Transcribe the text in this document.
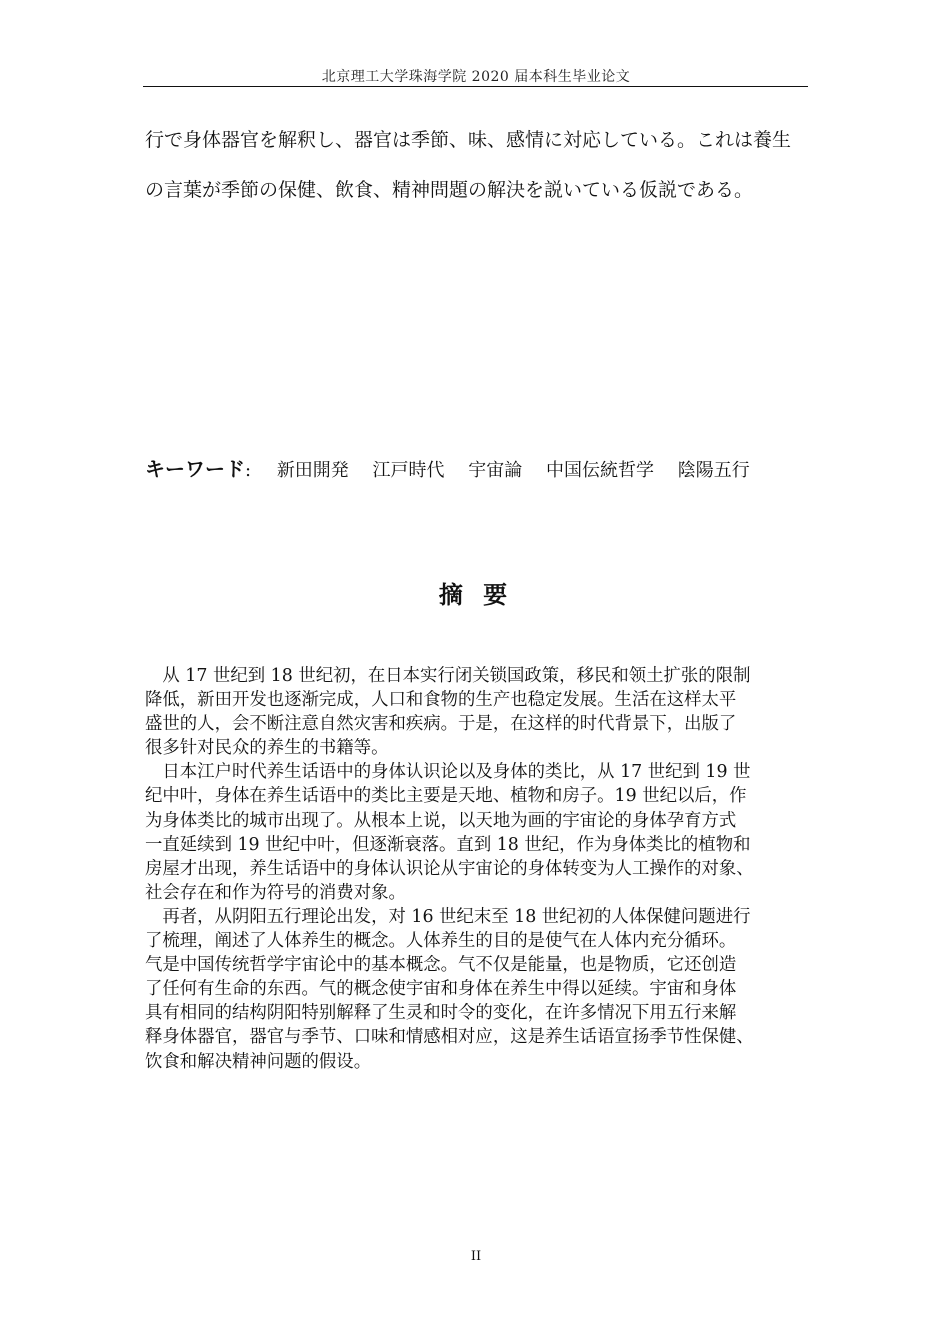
北京理工大学珠海学院 2020 届本科生毕业论文
行で身体器官を解釈し、器官は季節、味、感情に対応している。これは養生
の言葉が季節の保健、飲食、精神問題の解決を説いている仮説である。
キーワード: 新田開発 江戸時代 宇宙論 中国伝統哲学 陰陽五行
摘 要
　从 17 世纪到 18 世纪初，在日本实行闭关锁国政策，移民和领土扩张的限制
降低，新田开发也逐渐完成，人口和食物的生产也稳定发展。生活在这样太平
盛世的人，会不断注意自然灾害和疾病。于是，在这样的时代背景下，出版了
很多针对民众的养生的书籍等。
　日本江户时代养生话语中的身体认识论以及身体的类比，从 17 世纪到 19 世
纪中叶，身体在养生话语中的类比主要是天地、植物和房子。19 世纪以后，作
为身体类比的城市出现了。从根本上说，以天地为画的宇宙论的身体孕育方式
一直延续到 19 世纪中叶，但逐渐衰落。直到 18 世纪，作为身体类比的植物和
房屋才出现，养生话语中的身体认识论从宇宙论的身体转变为人工操作的对象、
社会存在和作为符号的消费对象。
　再者，从阴阳五行理论出发，对 16 世纪末至 18 世纪初的人体保健问题进行
了梳理，阐述了人体养生的概念。人体养生的目的是使气在人体内充分循环。
气是中国传统哲学宇宙论中的基本概念。气不仅是能量，也是物质，它还创造
了任何有生命的东西。气的概念使宇宙和身体在养生中得以延续。宇宙和身体
具有相同的结构阴阳特别解释了生灵和时令的变化，在许多情况下用五行来解
释身体器官，器官与季节、口味和情感相对应，这是养生话语宣扬季节性保健、
饮食和解决精神问题的假设。
II
